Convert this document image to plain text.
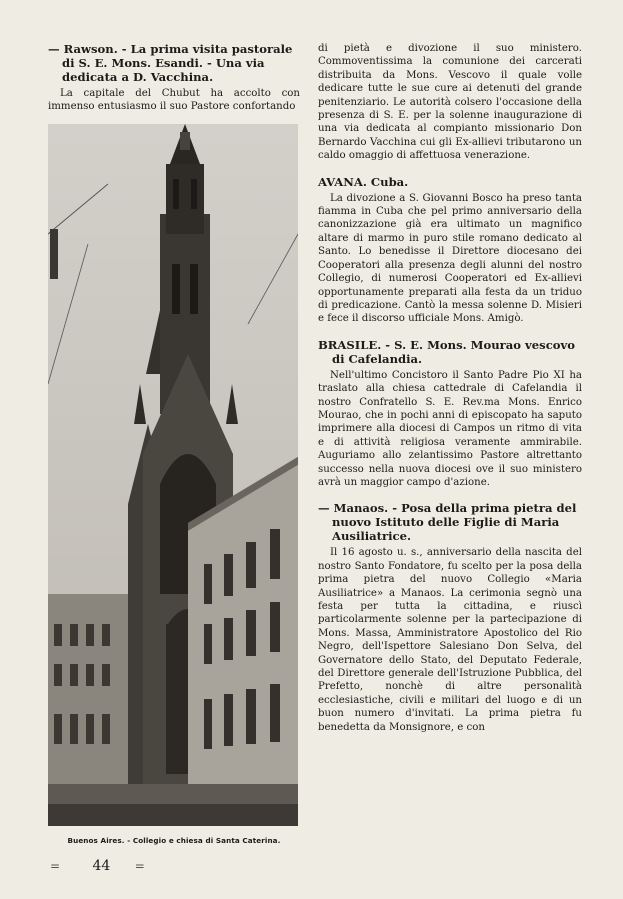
— Rawson. - La prima visita pastorale di S. E. Mons. Esandi. - Una via dedicata a D. Vacchina.

La capitale del Chubut ha accolto con immenso entusiasmo il suo Pastore confortando

Buenos Aires. - Collegio e chiesa di Santa Caterina.

di pietà e divozione il suo ministero. Commoventissima la comunione dei carcerati distribuita da Mons. Vescovo il quale volle dedicare tutte le sue cure ai detenuti del grande penitenziario. Le autorità colsero l'occasione della presenza di S. E. per la solenne inaugurazione di una via dedicata al compianto missionario Don Bernardo Vacchina cui gli Ex-allievi tributarono un caldo omaggio di affettuosa venerazione.

AVANA. Cuba.

La divozione a S. Giovanni Bosco ha preso tanta fiamma in Cuba che pel primo anniversario della canonizzazione già era ultimato un magnifico altare di marmo in puro stile romano dedicato al Santo. Lo benedisse il Direttore diocesano dei Cooperatori alla presenza degli alunni del nostro Collegio, di numerosi Cooperatori ed Ex-allievi opportunamente preparati alla festa da un triduo di predicazione. Cantò la messa solenne D. Misieri e fece il discorso ufficiale Mons. Amigò.

BRASILE. - S. E. Mons. Mourao vescovo di Cafelandia.

Nell'ultimo Concistoro il Santo Padre Pio XI ha traslato alla chiesa cattedrale di Cafelandia il nostro Confratello S. E. Rev.ma Mons. Enrico Mourao, che in pochi anni di episcopato ha saputo imprimere alla diocesi di Campos un ritmo di vita e di attività religiosa veramente ammirabile. Auguriamo allo zelantissimo Pastore altrettanto successo nella nuova diocesi ove il suo ministero avrà un maggior campo d'azione.

— Manaos. - Posa della prima pietra del nuovo Istituto delle Figlie di Maria Ausiliatrice.

Il 16 agosto u. s., anniversario della nascita del nostro Santo Fondatore, fu scelto per la posa della prima pietra del nuovo Collegio «Maria Ausiliatrice» a Manaos. La cerimonia segnò una festa per tutta la cittadina, e riuscì particolarmente solenne per la partecipazione di Mons. Massa, Amministratore Apostolico del Rio Negro, dell'Ispettore Salesiano Don Selva, del Governatore dello Stato, del Deputato Federale, del Direttore generale dell'Istruzione Pubblica, del Prefetto, nonchè di altre personalità ecclesiastiche, civili e militari del luogo e di un buon numero d'invitati. La prima pietra fu benedetta da Monsignore, e con

= 44 =
